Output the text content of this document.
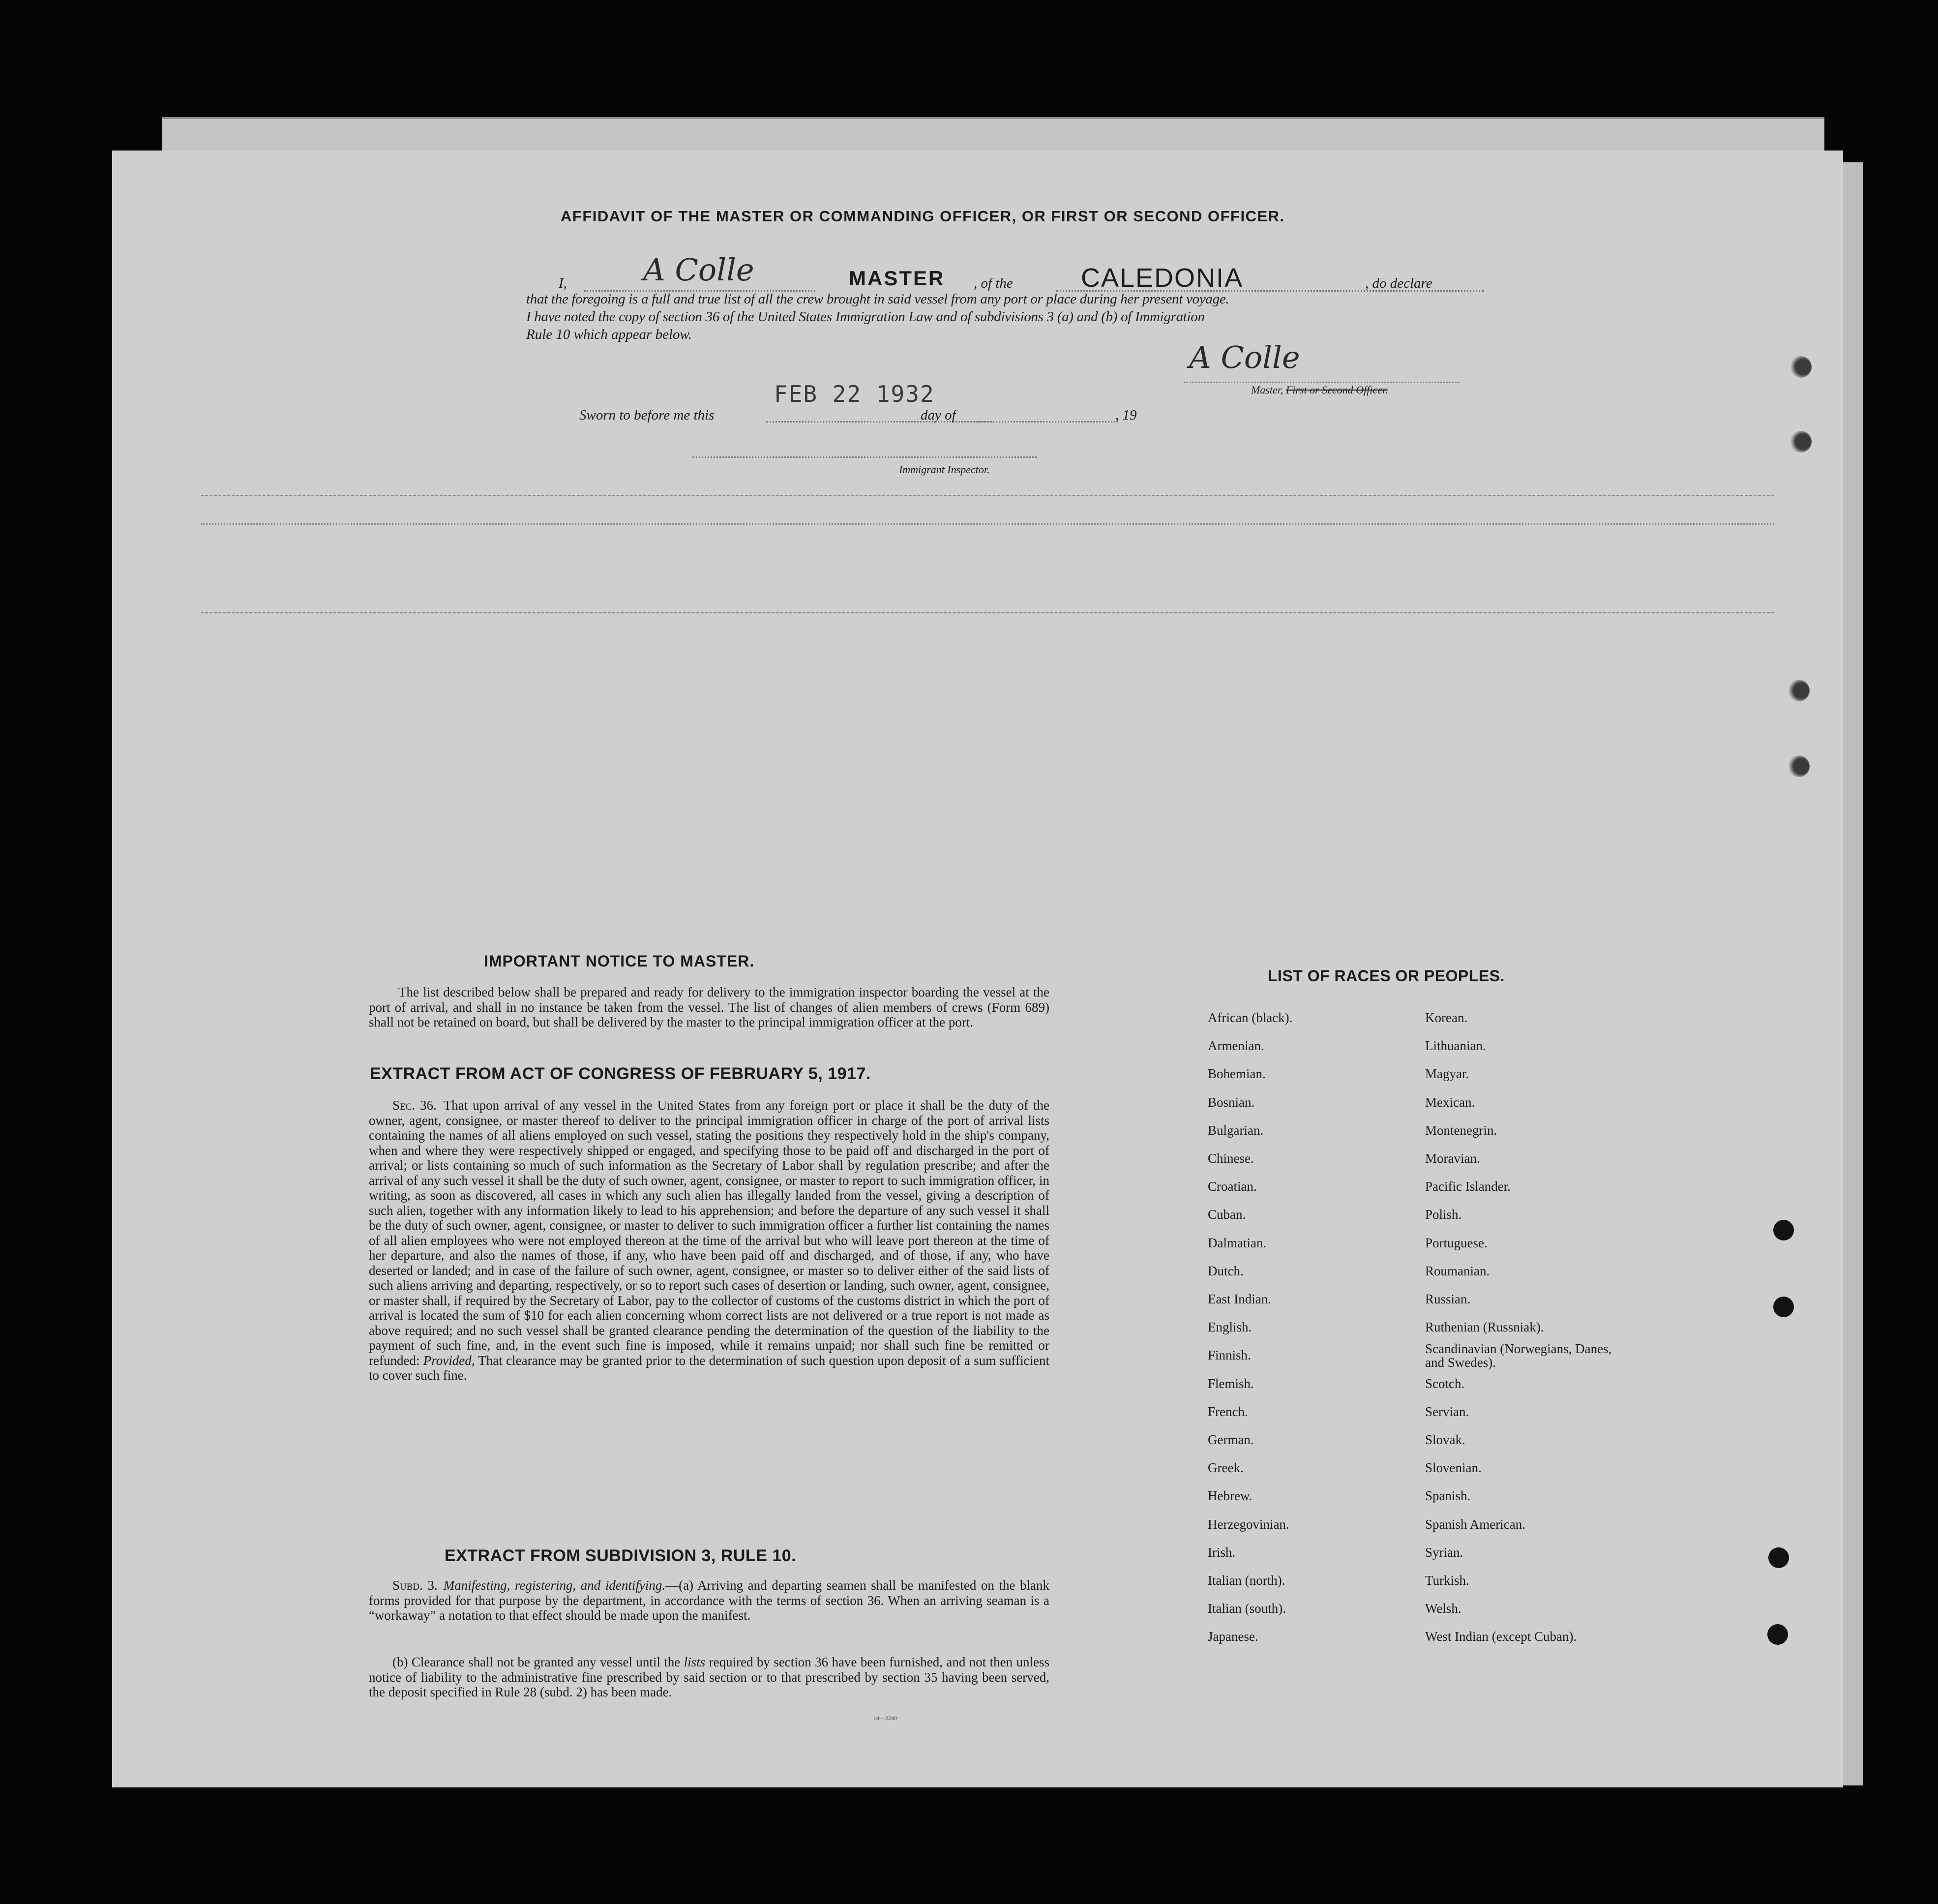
AFFIDAVIT OF THE MASTER OR COMMANDING OFFICER, OR FIRST OR SECOND OFFICER.
I,	A Colle	MASTER , of the	CALEDONIA	, do declare
that the foregoing is a full and true list of all the crew brought in said vessel from any port or place during her present voyage.
I have noted the copy of section 36 of the United States Immigration Law and of subdivisions 3 (a) and (b) of Immigration
Rule 10 which appear below.
A Colle
Master, First or Second Officer.
Sworn to before me this
FEB 22 1932
day of	, 19
Immigrant Inspector.
IMPORTANT NOTICE TO MASTER.
The list described below shall be prepared and ready for delivery to the immigration inspector boarding the vessel at the port of arrival, and shall in no instance be taken from the vessel. The list of changes of alien members of crews (Form 689) shall not be retained on board, but shall be delivered by the master to the principal immigration officer at the port.
EXTRACT FROM ACT OF CONGRESS OF FEBRUARY 5, 1917.
Sec. 36. That upon arrival of any vessel in the United States from any foreign port or place it shall be the duty of the owner, agent, consignee, or master thereof to deliver to the principal immigration officer in charge of the port of arrival lists containing the names of all aliens employed on such vessel, stating the positions they respectively hold in the ship's company, when and where they were respectively shipped or engaged, and specifying those to be paid off and discharged in the port of arrival; or lists containing so much of such information as the Secretary of Labor shall by regulation prescribe; and after the arrival of any such vessel it shall be the duty of such owner, agent, consignee, or master to report to such immigration officer, in writing, as soon as discovered, all cases in which any such alien has illegally landed from the vessel, giving a description of such alien, together with any information likely to lead to his apprehension; and before the departure of any such vessel it shall be the duty of such owner, agent, consignee, or master to deliver to such immigration officer a further list containing the names of all alien employees who were not employed thereon at the time of the arrival but who will leave port thereon at the time of her departure, and also the names of those, if any, who have been paid off and discharged, and of those, if any, who have deserted or landed; and in case of the failure of such owner, agent, consignee, or master so to deliver either of the said lists of such aliens arriving and departing, respectively, or so to report such cases of desertion or landing, such owner, agent, consignee, or master shall, if required by the Secretary of Labor, pay to the collector of customs of the customs district in which the port of arrival is located the sum of $10 for each alien concerning whom correct lists are not delivered or a true report is not made as above required; and no such vessel shall be granted clearance pending the determination of the question of the liability to the payment of such fine, and, in the event such fine is imposed, while it remains unpaid; nor shall such fine be remitted or refunded: Provided, That clearance may be granted prior to the determination of such question upon deposit of a sum sufficient to cover such fine.
EXTRACT FROM SUBDIVISION 3, RULE 10.
Subd. 3. Manifesting, registering, and identifying.—(a) Arriving and departing seamen shall be manifested on the blank forms provided for that purpose by the department, in accordance with the terms of section 36. When an arriving seaman is a “workaway” a notation to that effect should be made upon the manifest.
(b) Clearance shall not be granted any vessel until the lists required by section 36 have been furnished, and not then unless notice of liability to the administrative fine prescribed by said section or to that prescribed by section 35 having been served, the deposit specified in Rule 28 (subd. 2) has been made.
14—2240
LIST OF RACES OR PEOPLES.
African (black).
Armenian.
Bohemian.
Bosnian.
Bulgarian.
Chinese.
Croatian.
Cuban.
Dalmatian.
Dutch.
East Indian.
English.
Finnish.
Flemish.
French.
German.
Greek.
Hebrew.
Herzegovinian.
Irish.
Italian (north).
Italian (south).
Japanese.
Korean.
Lithuanian.
Magyar.
Mexican.
Montenegrin.
Moravian.
Pacific Islander.
Polish.
Portuguese.
Roumanian.
Russian.
Ruthenian (Russniak).
Scandinavian (Norwegians, Danes, and Swedes).
Scotch.
Servian.
Slovak.
Slovenian.
Spanish.
Spanish American.
Syrian.
Turkish.
Welsh.
West Indian (except Cuban).
